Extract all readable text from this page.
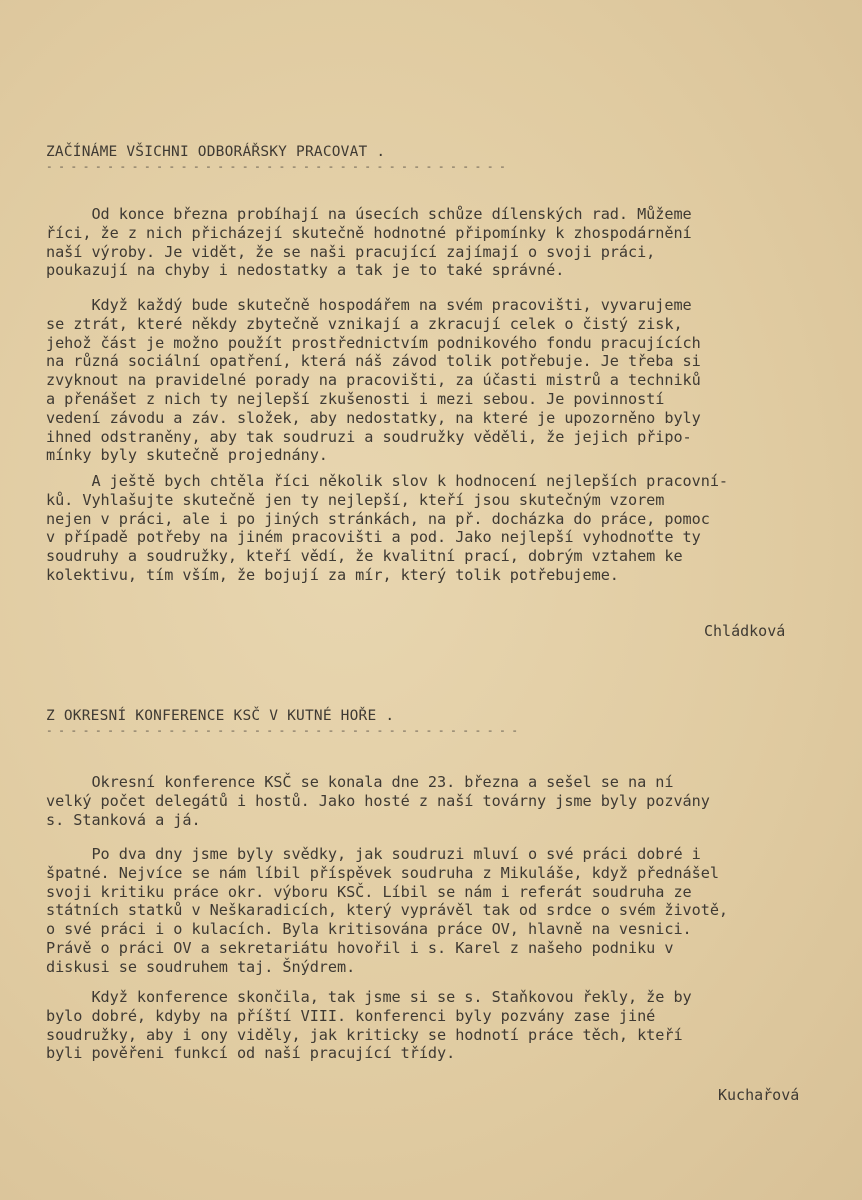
ZAČÍNÁME VŠICHNI ODBORÁŘSKY PRACOVAT .
- - - - - - - - - - - - - - - - - - - - - - - - - - - - - - - - - - - - - -
Od konce března probíhají na úsecích schůze dílenských rad. Můžeme
říci, že z nich přicházejí skutečně hodnotné připomínky k zhospodárnění
naší výroby. Je vidět, že se naši pracující zajímají o svoji práci,
poukazují na chyby i nedostatky a tak je to také správné.
Když každý bude skutečně hospodářem na svém pracovišti, vyvarujeme
se ztrát, které někdy zbytečně vznikají a zkracují celek o čistý zisk,
jehož část je možno použít prostřednictvím podnikového fondu pracujících
na různá sociální opatření, která náš závod tolik potřebuje. Je třeba si
zvyknout na pravidelné porady na pracovišti, za účasti mistrů a techniků
a přenášet z nich ty nejlepší zkušenosti i mezi sebou. Je povinností
vedení závodu a záv. složek, aby nedostatky, na které je upozorněno byly
ihned odstraněny, aby tak soudruzi a soudružky věděli, že jejich připo-
mínky byly skutečně projednány.
A ještě bych chtěla říci několik slov k hodnocení nejlepších pracovní-
ků. Vyhlašujte skutečně jen ty nejlepší, kteří jsou skutečným vzorem
nejen v práci, ale i po jiných stránkách, na př. docházka do práce, pomoc
v případě potřeby na jiném pracovišti a pod. Jako nejlepší vyhodnoťte ty
soudruhy a soudružky, kteří vědí, že kvalitní prací, dobrým vztahem ke
kolektivu, tím vším, že bojují za mír, který tolik potřebujeme.
Chládková
Z OKRESNÍ KONFERENCE KSČ V KUTNÉ HOŘE .
- - - - - - - - - - - - - - - - - - - - - - - - - - - - - - - - - - - - - - -
Okresní konference KSČ se konala dne 23. března a sešel se na ní
velký počet delegátů i hostů. Jako hosté z naší továrny jsme byly pozvány
s. Stanková a já.
Po dva dny jsme byly svědky, jak soudruzi mluví o své práci dobré i
špatné. Nejvíce se nám líbil příspěvek soudruha z Mikuláše, když přednášel
svoji kritiku práce okr. výboru KSČ. Líbil se nám i referát soudruha ze
státních statků v Neškaradicích, který vyprávěl tak od srdce o svém životě,
o své práci i o kulacích. Byla kritisována práce OV, hlavně na vesnici.
Právě o práci OV a sekretariátu hovořil i s. Karel z našeho podniku v
diskusi se soudruhem taj. Šnýdrem.
Když konference skončila, tak jsme si se s. Staňkovou řekly, že by
bylo dobré, kdyby na příští VIII. konferenci byly pozvány zase jiné
soudružky, aby i ony viděly, jak kriticky se hodnotí práce těch, kteří
byli pověřeni funkcí od naší pracující třídy.
Kuchařová
